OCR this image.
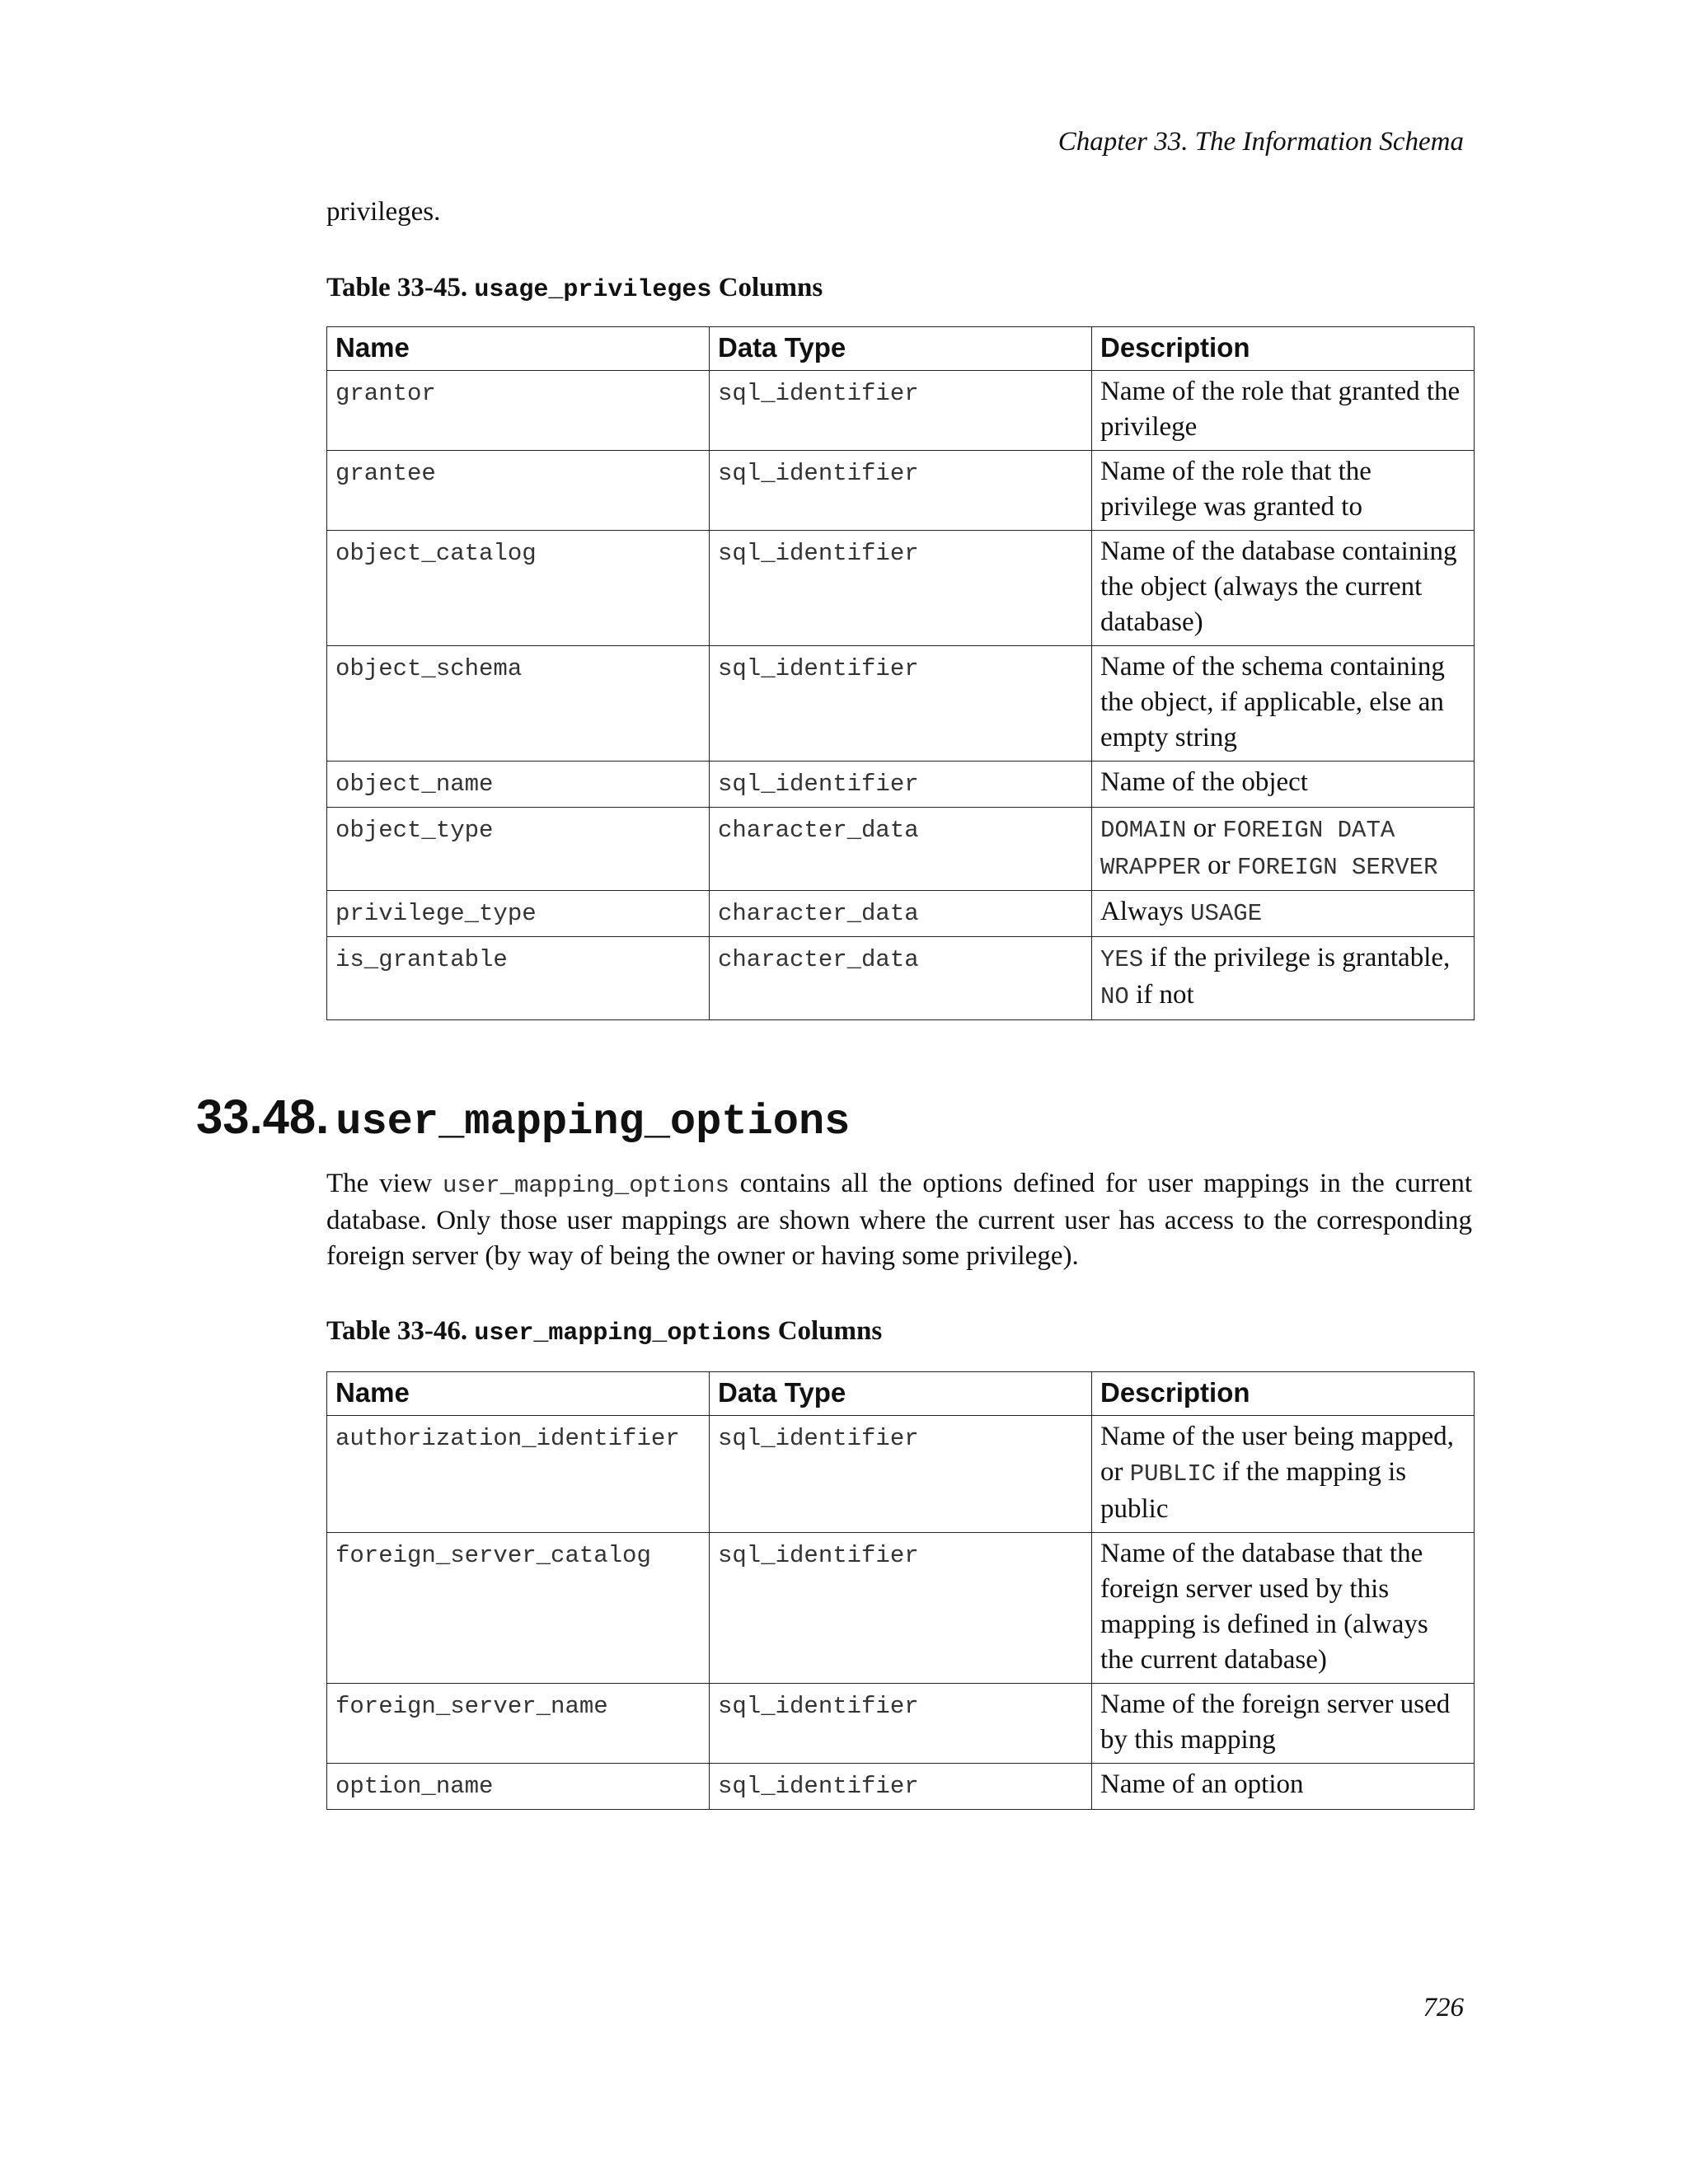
Chapter 33. The Information Schema

privileges.

Table 33-45. usage_privileges Columns

Name	Data Type	Description
grantor	sql_identifier	Name of the role that granted the privilege
grantee	sql_identifier	Name of the role that the privilege was granted to
object_catalog	sql_identifier	Name of the database containing the object (always the current database)
object_schema	sql_identifier	Name of the schema containing the object, if applicable, else an empty string
object_name	sql_identifier	Name of the object
object_type	character_data	DOMAIN or FOREIGN DATA WRAPPER or FOREIGN SERVER
privilege_type	character_data	Always USAGE
is_grantable	character_data	YES if the privilege is grantable, NO if not
33.48. user_mapping_options

The view user_mapping_options contains all the options defined for user mappings in the current database. Only those user mappings are shown where the current user has access to the corresponding foreign server (by way of being the owner or having some privilege).

Table 33-46. user_mapping_options Columns

Name	Data Type	Description
authorization_identifier	sql_identifier	Name of the user being mapped, or PUBLIC if the mapping is public
foreign_server_catalog	sql_identifier	Name of the database that the foreign server used by this mapping is defined in (always the current database)
foreign_server_name	sql_identifier	Name of the foreign server used by this mapping
option_name	sql_identifier	Name of an option
726
